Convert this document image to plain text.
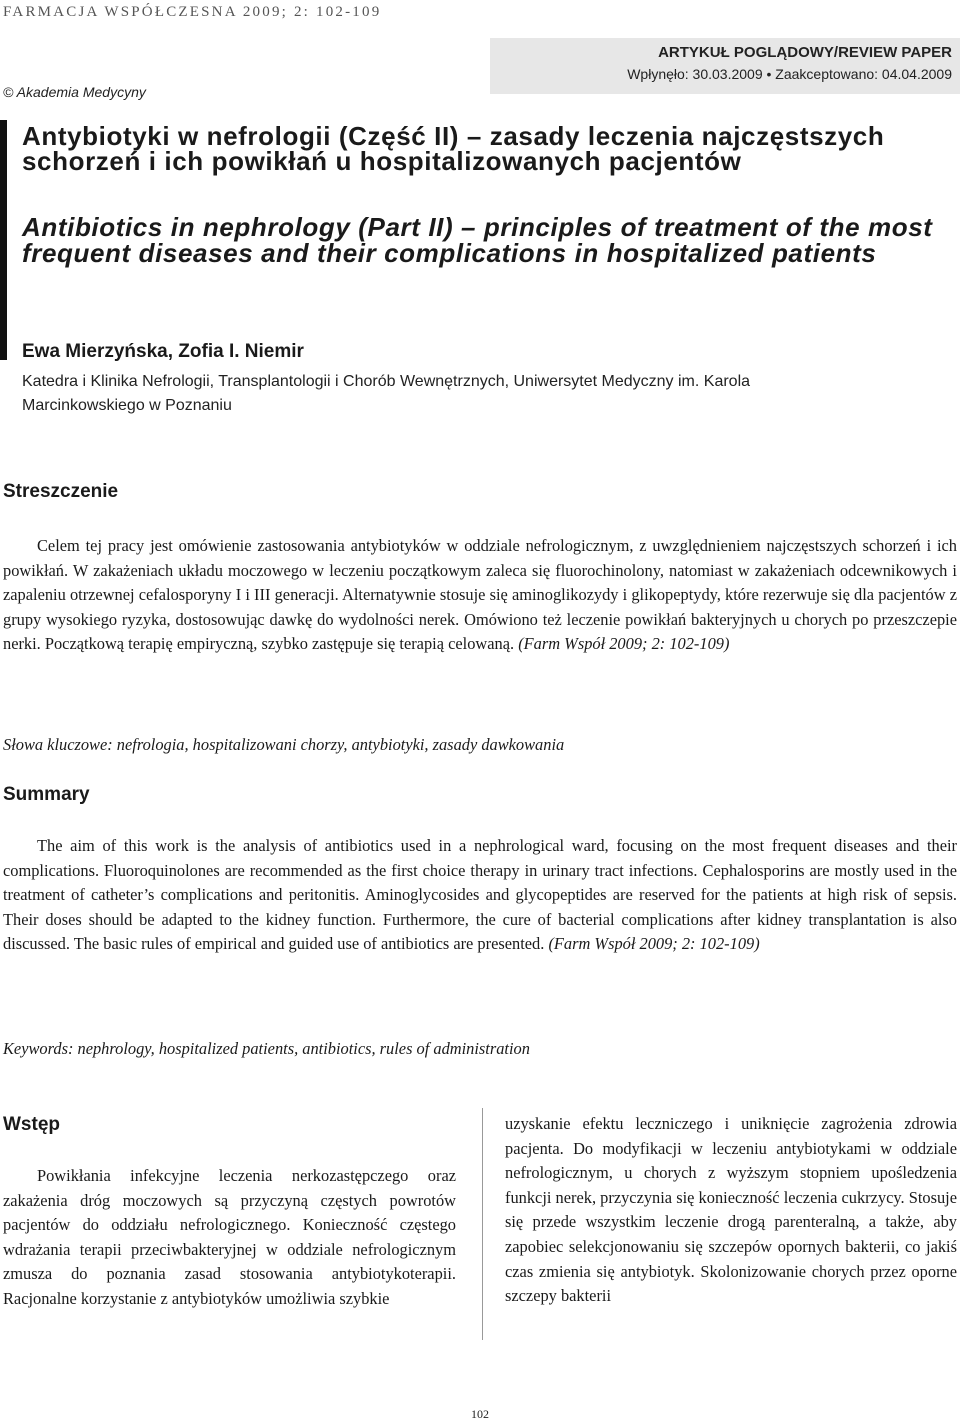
FARMACJA WSPÓŁCZESNA 2009; 2: 102-109
© Akademia Medycyny
ARTYKUŁ POGLĄDOWY/REVIEW PAPER
Wpłynęło: 30.03.2009 • Zaakceptowano: 04.04.2009
Antybiotyki w nefrologii (Część II) – zasady leczenia najczęstszych schorzeń i ich powikłań u hospitalizowanych pacjentów
Antibiotics in nephrology (Part II) – principles of treatment of the most frequent diseases and their complications in hospitalized patients
Ewa Mierzyńska, Zofia I. Niemir
Katedra i Klinika Nefrologii, Transplantologii i Chorób Wewnętrznych, Uniwersytet Medyczny im. Karola Marcinkowskiego w Poznaniu
Streszczenie

Celem tej pracy jest omówienie zastosowania antybiotyków w oddziale nefrologicznym, z uwzględnieniem najczęstszych schorzeń i ich powikłań. W zakażeniach układu moczowego w leczeniu początkowym zaleca się fluorochinolony, natomiast w zakażeniach odcewnikowych i zapaleniu otrzewnej cefalosporyny I i III generacji. Alternatywnie stosuje się aminoglikozydy i glikopeptydy, które rezerwuje się dla pacjentów z grupy wysokiego ryzyka, dostosowując dawkę do wydolności nerek. Omówiono też leczenie powikłań bakteryjnych u chorych po przeszczepie nerki. Początkową terapię empiryczną, szybko zastępuje się terapią celowaną. (Farm Współ 2009; 2: 102-109)

Słowa kluczowe: nefrologia, hospitalizowani chorzy, antybiotyki, zasady dawkowania

Summary

The aim of this work is the analysis of antibiotics used in a nephrological ward, focusing on the most frequent diseases and their complications. Fluoroquinolones are recommended as the first choice therapy in urinary tract infections. Cephalosporins are mostly used in the treatment of catheter’s complications and peritonitis. Aminoglycosides and glycopeptides are reserved for the patients at high risk of sepsis. Their doses should be adapted to the kidney function. Furthermore, the cure of bacterial complications after kidney transplantation is also discussed. The basic rules of empirical and guided use of antibiotics are presented. (Farm Współ 2009; 2: 102-109)

Keywords: nephrology, hospitalized patients, antibiotics, rules of administration

Wstęp

Powikłania infekcyjne leczenia nerkozastępczego oraz zakażenia dróg moczowych są przyczyną częstych powrotów pacjentów do oddziału nefrologicznego. Konieczność częstego wdrażania terapii przeciwbakteryjnej w oddziale nefrologicznym zmusza do poznania zasad stosowania antybiotykoterapii. Racjonalne korzystanie z antybiotyków umożliwia szybkie

uzyskanie efektu leczniczego i uniknięcie zagrożenia zdrowia pacjenta. Do modyfikacji w leczeniu antybiotykami w oddziale nefrologicznym, u chorych z wyższym stopniem upośledzenia funkcji nerek, przyczynia się konieczność leczenia cukrzycy. Stosuje się przede wszystkim leczenie drogą parenteralną, a także, aby zapobiec selekcjonowaniu się szczepów opornych bakterii, co jakiś czas zmienia się antybiotyk. Skolonizowanie chorych przez oporne szczepy bakterii

102
